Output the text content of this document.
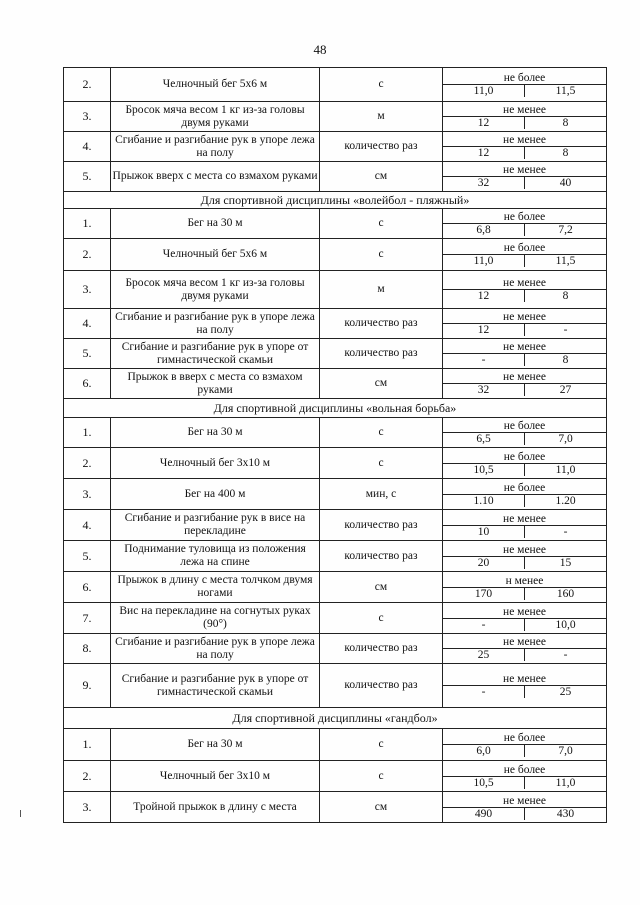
48
2.	Челночный бег 5х6 м	с	не более
11,0 11,5

3.	Бросок мяча весом 1 кг из-за головы двумя руками	м	не менее
12 8

4.	Сгибание и разгибание рук в упоре лежа на полу	количество раз	не менее
12 8

5.	Прыжок вверх с места со взмахом руками	см	не менее
32 40

Для спортивной дисциплины «волейбол - пляжный»			
1.	Бег на 30 м	с	не более
6,8 7,2

2.	Челночный бег 5х6 м	с	не более
11,0 11,5

3.	Бросок мяча весом 1 кг из-за головы двумя руками	м	не менее
12 8

4.	Сгибание и разгибание рук в упоре лежа на полу	количество раз	не менее
12 -

5.	Сгибание и разгибание рук в упоре от гимнастической скамьи	количество раз	не менее
- 8

6.	Прыжок в вверх с места со взмахом руками	см	не менее
32 27

Для спортивной дисциплины «вольная борьба»			
1.	Бег на 30 м	с	не более
6,5 7,0

2.	Челночный бег 3х10 м	с	не более
10,5 11,0

3.	Бег на 400 м	мин, с	не более
1.10 1.20

4.	Сгибание и разгибание рук в висе на перекладине	количество раз	не менее
10 -

5.	Поднимание туловища из положения лежа на спине	количество раз	не менее
20 15

6.	Прыжок в длину с места толчком двумя ногами	см	н менее
170 160

7.	Вис на перекладине на согнутых руках (90°)	с	не менее
- 10,0

8.	Сгибание и разгибание рук в упоре лежа на полу	количество раз	не менее
25 -

9.	Сгибание и разгибание рук в упоре от гимнастической скамьи	количество раз	не менее
- 25

Для спортивной дисциплины «гандбол»			
1.	Бег на 30 м	с	не более
6,0 7,0

2.	Челночный бег 3х10 м	с	не более
10,5 11,0

3.	Тройной прыжок в длину с места	см	не менее
490 430
